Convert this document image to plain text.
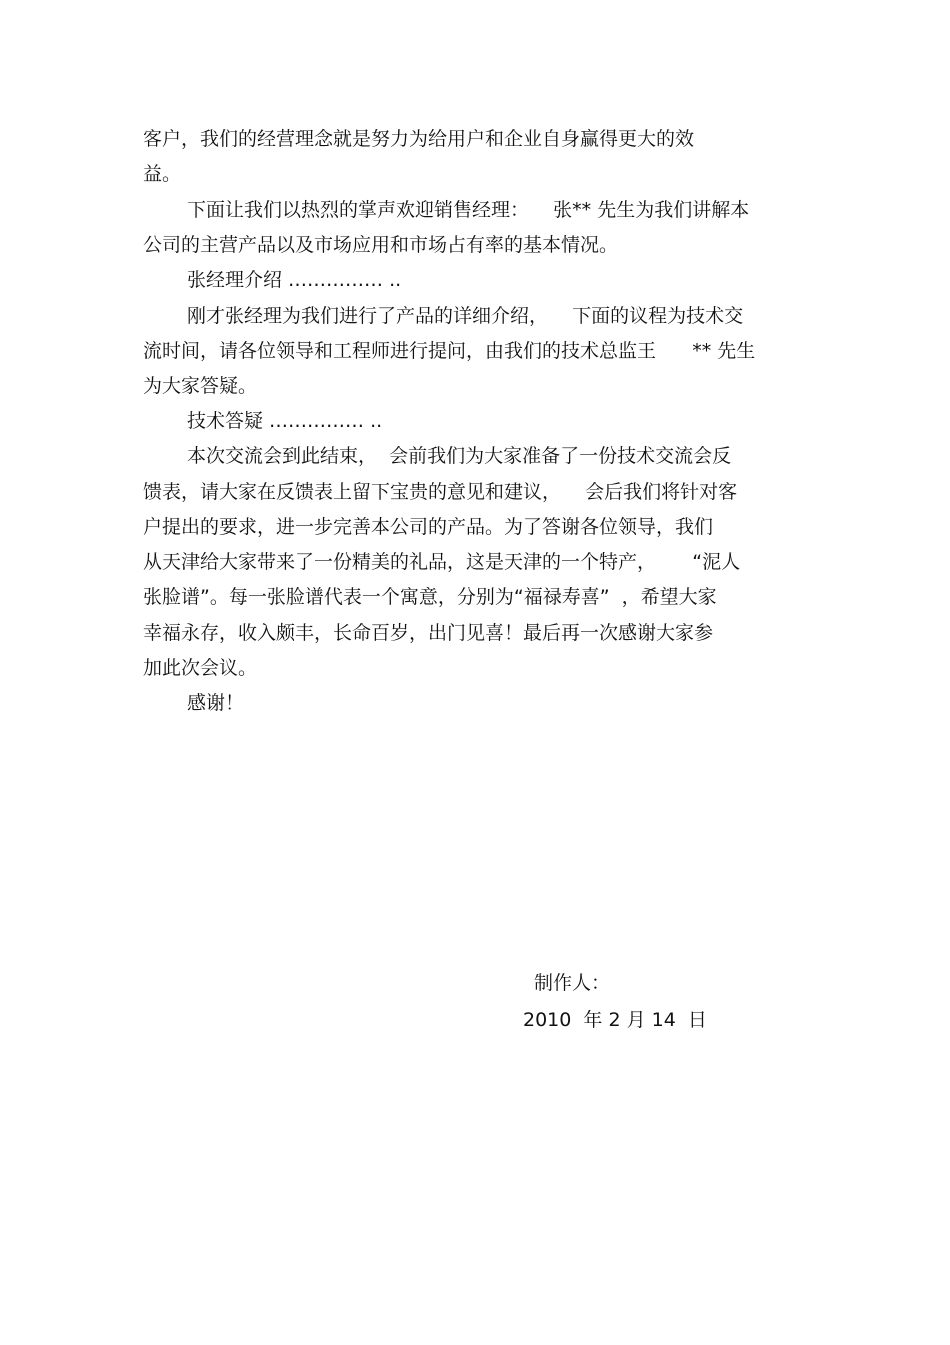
客户，我们的经营理念就是努力为给用户和企业自身赢得更大的效
益。
下面让我们以热烈的掌声欢迎销售经理：    张** 先生为我们讲解本
公司的主营产品以及市场应用和市场占有率的基本情况。
张经理介绍 …………… ..
刚才张经理为我们进行了产品的详细介绍，    下面的议程为技术交
流时间，请各位领导和工程师进行提问，由我们的技术总监王      ** 先生
为大家答疑。
技术答疑 …………… ..
本次交流会到此结束，  会前我们为大家准备了一份技术交流会反
馈表，请大家在反馈表上留下宝贵的意见和建议，    会后我们将针对客
户提出的要求，进一步完善本公司的产品。为了答谢各位领导，我们
从天津给大家带来了一份精美的礼品，这是天津的一个特产，      “泥人
张脸谱”。每一张脸谱代表一个寓意，分别为“福禄寿喜”  ，希望大家
幸福永存，收入颇丰，长命百岁，出门见喜！最后再一次感谢大家参
加此次会议。
感谢！
制作人：
2010  年 2 月 14  日
